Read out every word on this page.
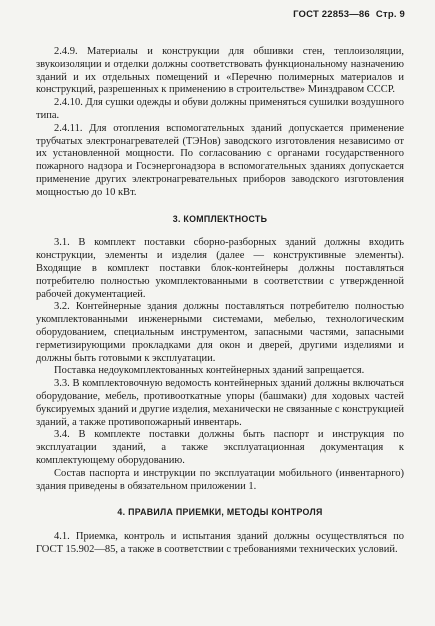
ГОСТ 22853—86 Стр. 9

2.4.9. Материалы и конструкции для обшивки стен, теплоизоляции, звукоизоляции и отделки должны соответствовать функциональному назначению зданий и их отдельных помещений и «Перечню полимерных материалов и конструкций, разрешенных к применению в строительстве» Минздравом СССР.

2.4.10. Для сушки одежды и обуви должны применяться сушилки воздушного типа.

2.4.11. Для отопления вспомогательных зданий допускается применение трубчатых электронагревателей (ТЭНов) заводского изготовления независимо от их установленной мощности. По согласованию с органами государственного пожарного надзора и Госэнергонадзора в вспомогательных зданиях допускается применение других электронагревательных приборов заводского изготовления мощностью до 10 кВт.

3. КОМПЛЕКТНОСТЬ

3.1. В комплект поставки сборно-разборных зданий должны входить конструкции, элементы и изделия (далее — конструктивные элементы). Входящие в комплект поставки блок-контейнеры должны поставляться потребителю полностью укомплектованными в соответствии с утвержденной рабочей документацией.

3.2. Контейнерные здания должны поставляться потребителю полностью укомплектованными инженерными системами, мебелью, технологическим оборудованием, специальным инструментом, запасными частями, запасными герметизирующими прокладками для окон и дверей, другими изделиями и должны быть готовыми к эксплуатации.

Поставка недоукомплектованных контейнерных зданий запрещается.

3.3. В комплектовочную ведомость контейнерных зданий должны включаться оборудование, мебель, противооткатные упоры (башмаки) для ходовых частей буксируемых зданий и другие изделия, механически не связанные с конструкцией зданий, а также противопожарный инвентарь.

3.4. В комплекте поставки должны быть паспорт и инструкция по эксплуатации зданий, а также эксплуатационная документация к комплектующему оборудованию.

Состав паспорта и инструкции по эксплуатации мобильного (инвентарного) здания приведены в обязательном приложении 1.

4. ПРАВИЛА ПРИЕМКИ, МЕТОДЫ КОНТРОЛЯ

4.1. Приемка, контроль и испытания зданий должны осуществляться по ГОСТ 15.902—85, а также в соответствии с требованиями технических условий.
